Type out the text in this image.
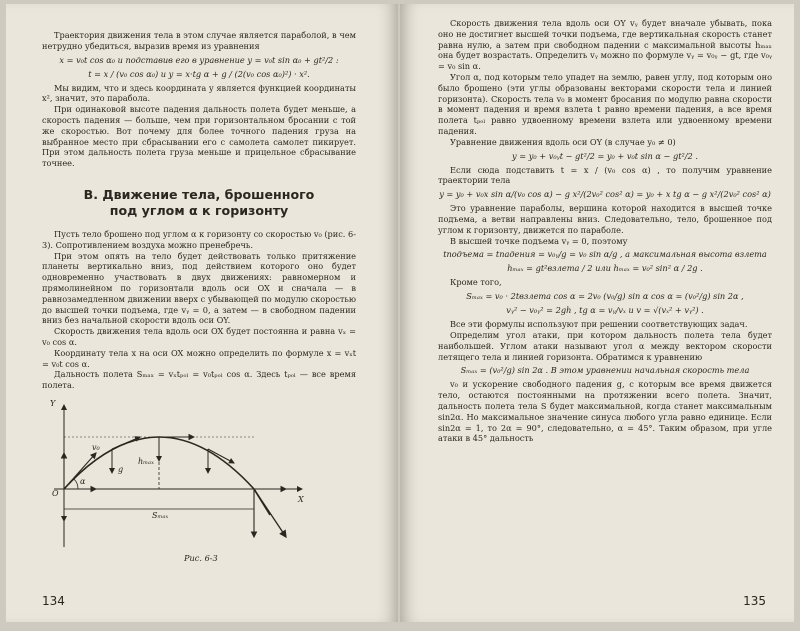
Траектория движения тела в этом случае является параболой, в чем нетрудно убедиться, выразив время из уравнения

x = v₀t cos α₀ и подставив его в уравнение y = v₀t sin α₀ + gt²/2 :
t = x / (v₀ cos α₀) и y = x·tg α + g / (2(v₀ cos α₀)²) · x².

Мы видим, что и здесь координата y является функцией координаты x², значит, это парабола.

При одинаковой высоте падения дальность полета будет меньше, а скорость падения — больше, чем при горизонтальном бросании с той же скоростью. Вот почему для более точного падения груза на выбранное место при сбрасывании его с самолета самолет пикирует. При этом дальность полета груза меньше и прицельное сбрасывание точнее.

В. Движение тела, брошенного
под углом α к горизонту

Пусть тело брошено под углом α к горизонту со скоростью v₀ (рис. 6-3). Сопротивлением воздуха можно пренебречь.

При этом опять на тело будет действовать только притяжение планеты вертикально вниз, под действием которого оно будет одновременно участвовать в двух движениях: равномерном и прямолинейном по горизонтали вдоль оси OX и сначала — в равнозамедленном движении вверх с убывающей по модулю скоростью до высшей точки подъема, где vᵧ = 0, а затем — в свободном падении вниз без начальной скорости вдоль оси OY.

Скорость движения тела вдоль оси OX будет постоянна и равна vₓ = v₀ cos α.

Координату тела x на оси OX можно определить по формуле x = vₓt = v₀t cos α.

Дальность полета Sₘₐₓ = vₓtₚₒₗ = v₀tₚₒₗ cos α. Здесь tₚₒₗ — все время полета.

Y
X
O
v₀
hₘₐₓ
Sₘₐₓ
g
α
Рис. 6-3
134

Скорость движения тела вдоль оси OY vᵧ будет вначале убывать, пока оно не достигнет высшей точки подъема, где вертикальная скорость станет равна нулю, а затем при свободном падении с максимальной высоты hₘₐₓ она будет возрастать. Определить vᵧ можно по формуле vᵧ = v₀ᵧ − gt, где v₀ᵧ = v₀ sin α.

Угол α, под которым тело упадет на землю, равен углу, под которым оно было брошено (эти углы образованы векторами скорости тела и линией горизонта). Скорость тела v₀ в момент бросания по модулю равна скорости в момент падения и время взлета t равно времени падения, а все время полета tₚₒₗ равно удвоенному времени взлета или удвоенному времени падения.

Уравнение движения вдоль оси OY (в случае y₀ ≠ 0)

y = y₀ + v₀ᵧt − gt²/2 = y₀ + v₀t sin α − gt²/2 .

Если сюда подставить t = x / (v₀ cos α) , то получим уравнение траектории тела

y = y₀ + v₀x sin α/(v₀ cos α) − g x²/(2v₀² cos² α) = y₀ + x tg α − g x²/(2v₀² cos² α)

Это уравнение параболы, вершина которой находится в высшей точке подъема, а ветви направлены вниз. Следовательно, тело, брошенное под углом к горизонту, движется по параболе.

В высшей точке подъема vᵧ = 0, поэтому

tподъема = tпадения = v₀ᵧ/g = v₀ sin α/g , а максимальная высота взлета
hₘₐₓ = gt²взлета / 2 или hₘₐₓ = v₀² sin² α / 2g .

Кроме того,

Sₘₐₓ = v₀ · 2tвзлета cos α = 2v₀ (v₀/g) sin α cos α = (v₀²/g) sin 2α ,
vᵧ² − v₀ᵧ² = 2gh , tg α = vᵧ/vₓ и v = √(vₓ² + vᵧ²) .

Все эти формулы используют при решении соответствующих задач.

Определим угол атаки, при котором дальность полета тела будет наибольшей. Углом атаки называют угол α между вектором скорости летящего тела и линией горизонта. Обратимся к уравнению

Sₘₐₓ = (v₀²/g) sin 2α . В этом уравнении начальная скорость тела

v₀ и ускорение свободного падения g, с которым все время движется тело, остаются постоянными на протяжении всего полета. Значит, дальность полета тела S будет максимальной, когда станет максимальным sin2α. Но максимальное значение синуса любого угла равно единице. Если sin2α = 1, то 2α = 90°, следовательно, α = 45°. Таким образом, при угле атаки в 45° дальность

135
